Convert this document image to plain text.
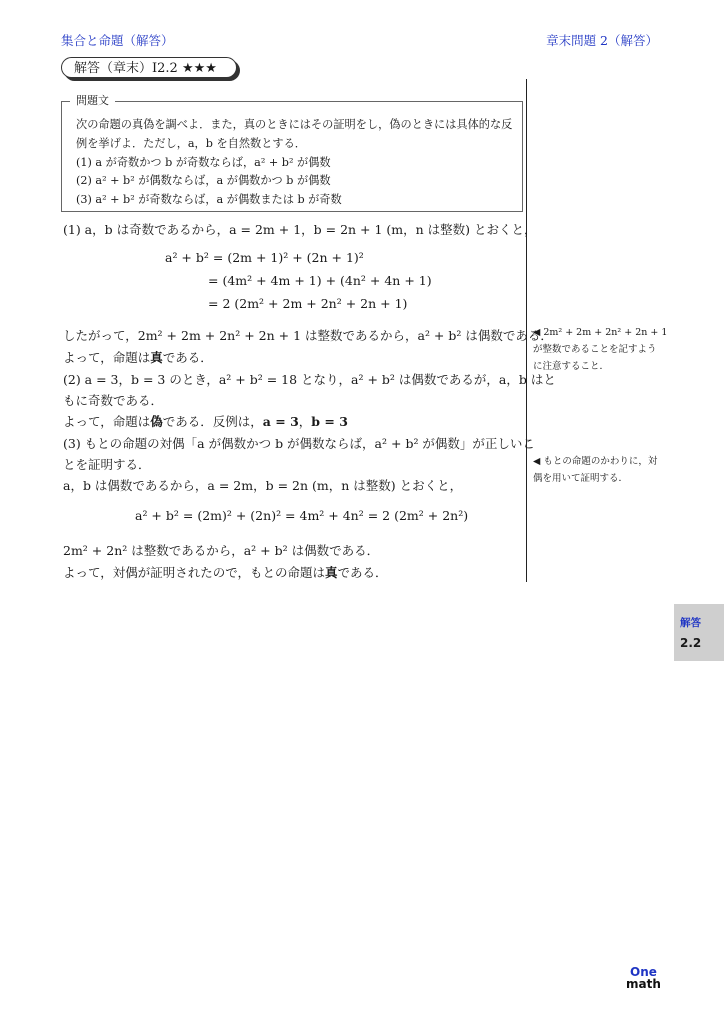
集合と命題（解答）	章末問題 2（解答）
解答（章末）I2.2 ★★★
問題文
次の命題の真偽を調べよ．また，真のときにはその証明をし，偽のときには具体的な反
例を挙げよ．ただし，a，b を自然数とする．
(1) a が奇数かつ b が奇数ならば，a² + b² が偶数
(2) a² + b² が偶数ならば，a が偶数かつ b が偶数
(3) a² + b² が奇数ならば，a が偶数または b が奇数
(1) a，b は奇数であるから，a = 2m + 1，b = 2n + 1 (m，n は整数) とおくと，
a² + b² = (2m + 1)² + (2n + 1)²
= (4m² + 4m + 1) + (4n² + 4n + 1)
= 2 (2m² + 2m + 2n² + 2n + 1)
したがって，2m² + 2m + 2n² + 2n + 1 は整数であるから，a² + b² は偶数である．
よって，命題は真である．
(2) a = 3，b = 3 のとき，a² + b² = 18 となり，a² + b² は偶数であるが，a，b はと
もに奇数である．
よって，命題は偽である．反例は，a = 3，b = 3
(3) もとの命題の対偶「a が偶数かつ b が偶数ならば，a² + b² が偶数」が正しいこ
とを証明する．
a，b は偶数であるから，a = 2m，b = 2n (m，n は整数) とおくと，
a² + b² = (2m)² + (2n)² = 4m² + 4n² = 2 (2m² + 2n²)
2m² + 2n² は整数であるから，a² + b² は偶数である．
よって，対偶が証明されたので，もとの命題は真である．
◀ 2m² + 2m + 2n² + 2n + 1
が整数であることを記すよう
に注意すること．
◀ もとの命題のかわりに，対
偶を用いて証明する．
解答
2.2
One
math
